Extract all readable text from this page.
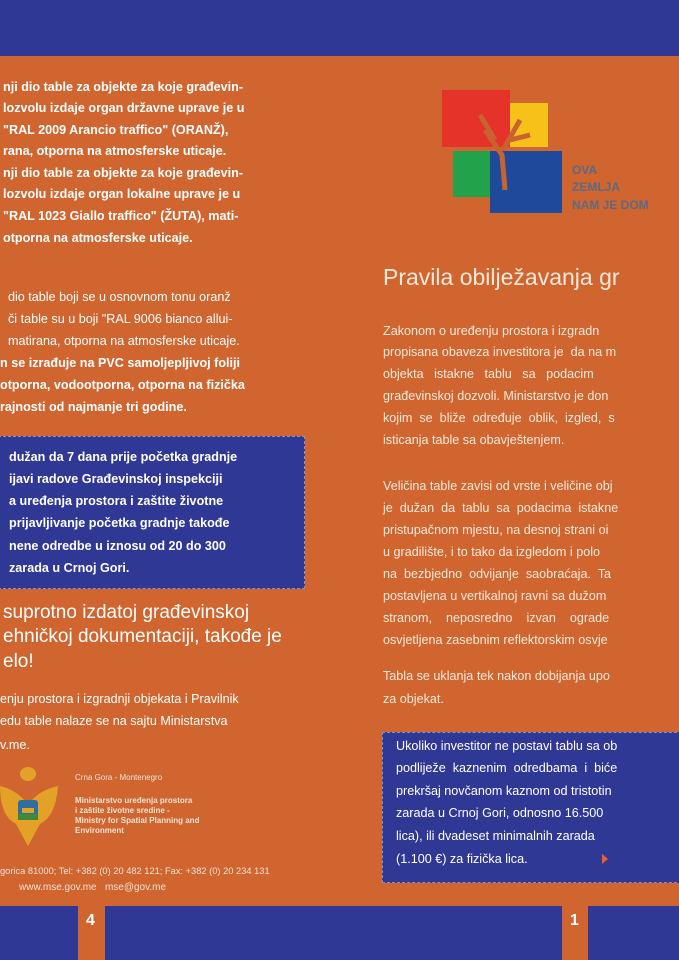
nji dio table za objekte za koje građevin-
lozvolu izdaje organ državne uprave je u
"RAL 2009 Arancio traffico" (ORANŽ),
rana, otporna na atmosferske uticaje.
nji dio table za objekte za koje građevin-
lozvolu izdaje organ lokalne uprave je u
"RAL 1023 Giallo traffico" (ŽUTA), mati-
otporna na atmosferske uticaje.
dio table boji se u osnovnom tonu oranž
či table su u boji "RAL 9006 bianco allui-
matirana, otporna na atmosferske uticaje.
n se izrađuje na PVC samoljepljivoj foliji
otporna, vodootporna, otporna na fizička
rajnosti od najmanje tri godine.
dužan da 7 dana prije početka gradnje
ijavi radove Građevinskoj inspekciji
a uređenja prostora i zaštite životne
prijavljivanje početka gradnje takođe
nene odredbe u iznosu od 20 do 300
zarada u Crnoj Gori.
suprotno izdatoj građevinskoj
ehničkoj dokumentaciji, takođe je
elo!
enju prostora i izgradnji objekata i Pravilnik
edu table nalaze se na sajtu Ministarstva
v.me.
Crna Gora - Montenegro
Ministarstvo uređenja prostora
i zaštite životne sredine -
Ministry for Spatial Planning and
Environment
gorica 81000; Tel: +382 (0) 20 482 121; Fax: +382 (0) 20 234 131
www.mse.gov.me   mse@gov.me
OVA
ZEMLJA
NAM JE DOM
Pravila obilježavanja gr
Zakonom o uređenju prostora i izgradn
propisana obaveza investitora je  da na m
objekta   istakne   tablu   sa   podacim
građevinskoj dozvoli. Ministarstvo je don
kojim  se  bliže  određuje  oblik,  izgled,  s
isticanja table sa obavještenjem.
Veličina table zavisi od vrste i veličine obj
je  dužan  da  tablu  sa  podacima  istakne
pristupačnom mjestu, na desnoj strani oi
u gradilište, i to tako da izgledom i polo
na  bezbjedno  odvijanje  saobraćaja.  Ta
postavljena u vertikalnoj ravni sa dužom
stranom,    neposredno    izvan    ograde
osvjetljena zasebnim reflektorskim osvje
Tabla se uklanja tek nakon dobijanja upo
za objekat.
Ukoliko investitor ne postavi tablu sa ob
podliježe  kaznenim  odredbama  i  biće
prekršaj novčanom kaznom od tristotin
zarada u Crnoj Gori, odnosno 16.500
lica), ili dvadeset minimalnih zarada
(1.100 €) za fizička lica.
4	1
